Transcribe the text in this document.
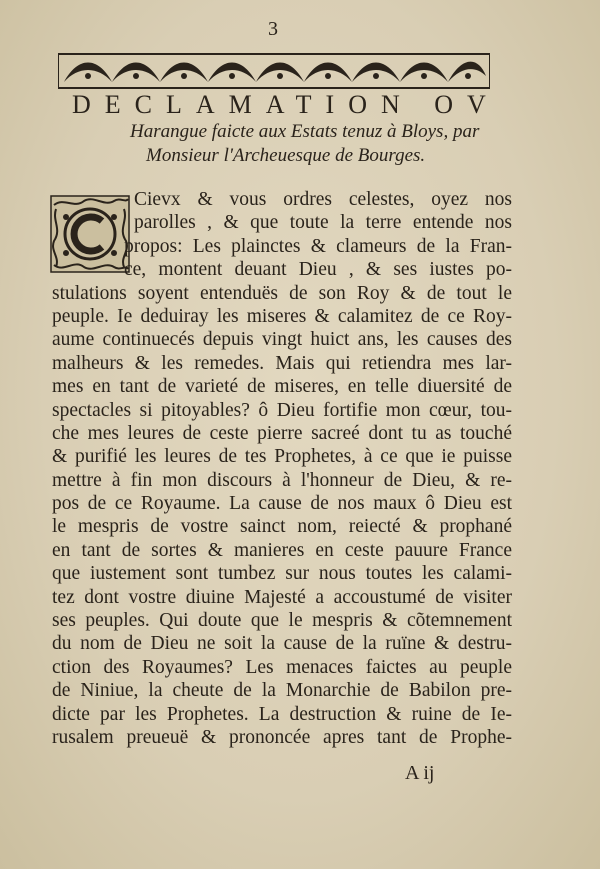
3
DECLAMATION OV
Harangue faicte aux Estats tenuz à Bloys, par
Monsieur l'Archeuesque de Bourges.
Cievx & vous ordres celestes, oyez nos
parolles , & que toute la terre entende nos
propos: Les plainctes & clameurs de la Fran-
ce, montent deuant Dieu , & ses iustes po-
stulations soyent entenduës de son Roy & de tout le
peuple. Ie deduiray les miseres & calamitez de ce Roy-
aume continuecés depuis vingt huict ans, les causes des
malheurs & les remedes. Mais qui retiendra mes lar-
mes en tant de varieté de miseres, en telle diuersité de
spectacles si pitoyables? ô Dieu fortifie mon cœur, tou-
che mes leures de ceste pierre sacreé dont tu as touché
& purifié les leures de tes Prophetes, à ce que ie puisse
mettre à fin mon discours à l'honneur de Dieu, & re-
pos de ce Royaume. La cause de nos maux ô Dieu est
le mespris de vostre sainct nom, reiecté & prophané
en tant de sortes & manieres en ceste pauure France
que iustement sont tumbez sur nous toutes les calami-
tez dont vostre diuine Majesté a accoustumé de visiter
ses peuples. Qui doute que le mespris & cõtemnement
du nom de Dieu ne soit la cause de la ruïne & destru-
ction des Royaumes? Les menaces faictes au peuple
de Niniue, la cheute de la Monarchie de Babilon pre-
dicte par les Prophetes. La destruction & ruine de Ie-
rusalem preueuë & prononcée apres tant de Prophe-
A ij
